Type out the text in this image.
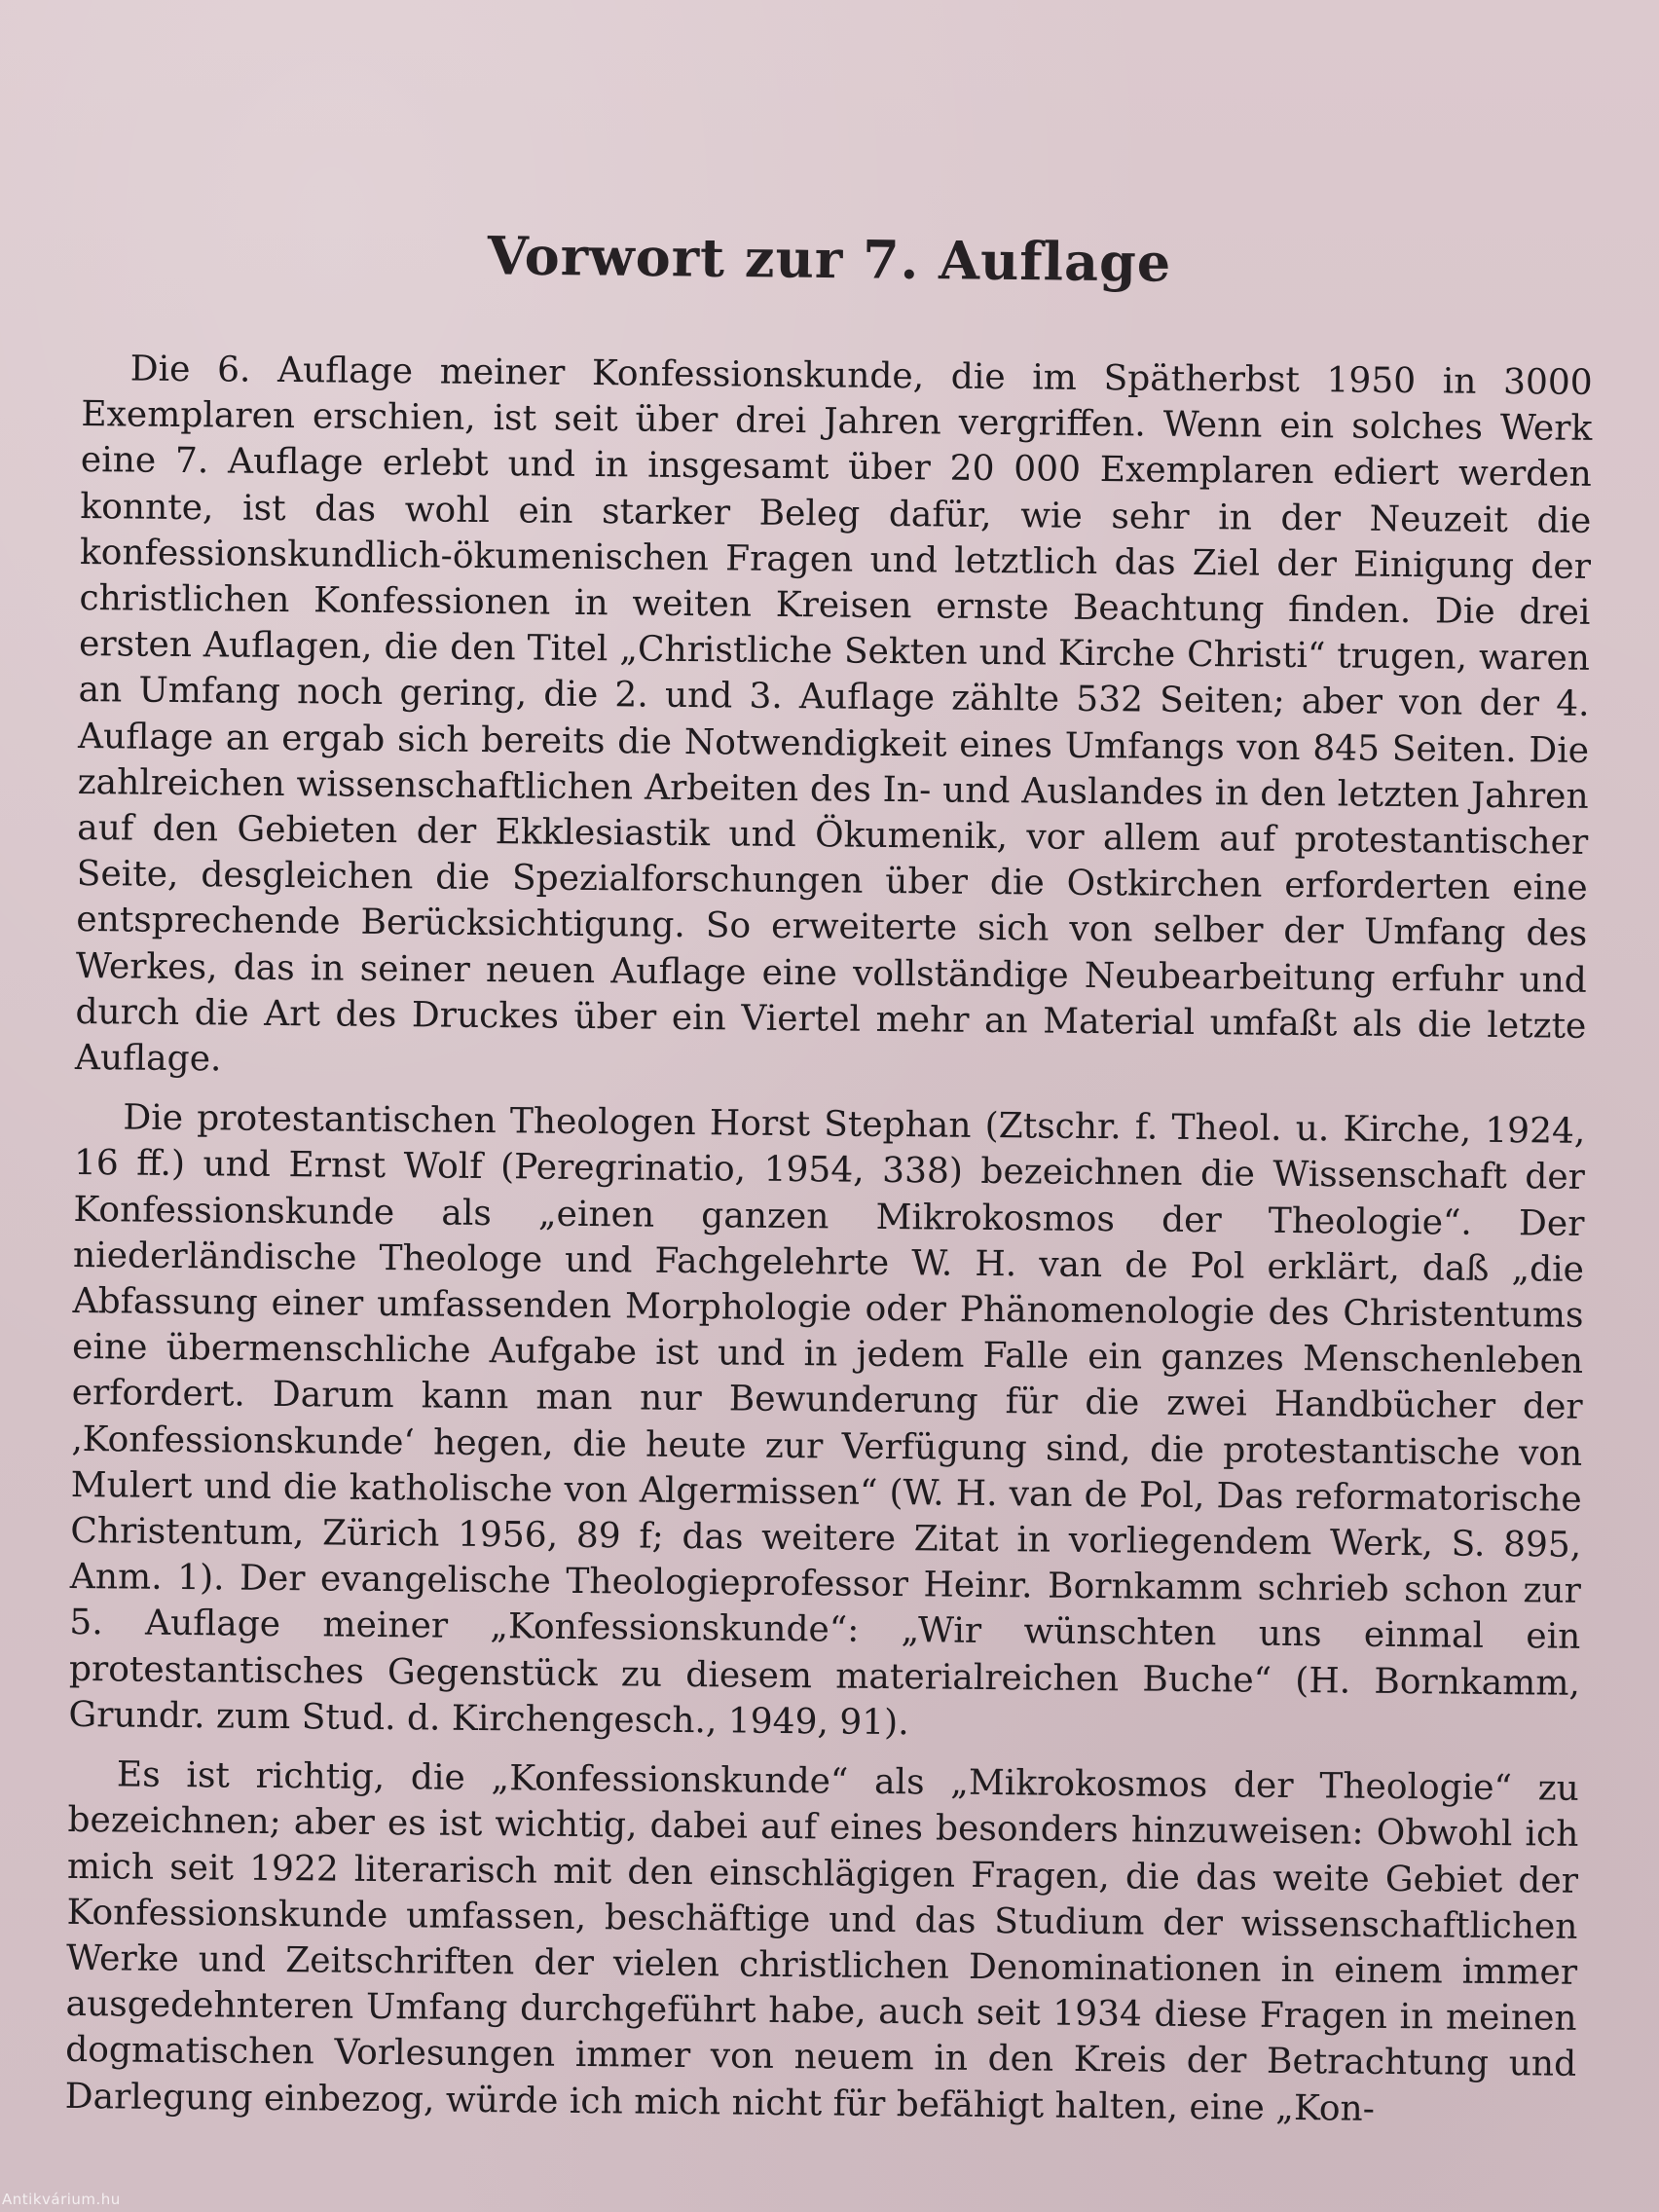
Vorwort zur 7. Auflage

Die 6. Auflage meiner Konfessionskunde, die im Spätherbst 1950 in 3000 Exemplaren erschien, ist seit über drei Jahren vergriffen. Wenn ein solches Werk eine 7. Auflage erlebt und in insgesamt über 20 000 Exemplaren ediert werden konnte, ist das wohl ein starker Beleg dafür, wie sehr in der Neuzeit die konfessionskundlich-ökumenischen Fragen und letztlich das Ziel der Einigung der christlichen Konfessionen in weiten Kreisen ernste Beachtung finden. Die drei ersten Auflagen, die den Titel „Christliche Sekten und Kirche Christi“ trugen, waren an Umfang noch gering, die 2. und 3. Auflage zählte 532 Seiten; aber von der 4. Auflage an ergab sich bereits die Notwendigkeit eines Umfangs von 845 Seiten. Die zahlreichen wissenschaftlichen Arbeiten des In- und Auslandes in den letzten Jahren auf den Gebieten der Ekklesiastik und Ökumenik, vor allem auf protestantischer Seite, desgleichen die Spezialforschungen über die Ostkirchen erforderten eine entsprechende Berücksichtigung. So erweiterte sich von selber der Umfang des Werkes, das in seiner neuen Auflage eine vollständige Neubearbeitung erfuhr und durch die Art des Druckes über ein Viertel mehr an Material umfaßt als die letzte Auflage.

Die protestantischen Theologen Horst Stephan (Ztschr. f. Theol. u. Kirche, 1924, 16 ff.) und Ernst Wolf (Peregrinatio, 1954, 338) bezeichnen die Wissenschaft der Konfessionskunde als „einen ganzen Mikrokosmos der Theologie“. Der niederländische Theologe und Fachgelehrte W. H. van de Pol erklärt, daß „die Abfassung einer umfassenden Morphologie oder Phänomenologie des Christentums eine übermenschliche Aufgabe ist und in jedem Falle ein ganzes Menschenleben erfordert. Darum kann man nur Bewunderung für die zwei Handbücher der ‚Konfessionskunde‘ hegen, die heute zur Verfügung sind, die protestantische von Mulert und die katholische von Algermissen“ (W. H. van de Pol, Das reformatorische Christentum, Zürich 1956, 89 f; das weitere Zitat in vorliegendem Werk, S. 895, Anm. 1). Der evangelische Theologieprofessor Heinr. Bornkamm schrieb schon zur 5. Auflage meiner „Konfessionskunde“: „Wir wünschten uns einmal ein protestantisches Gegenstück zu diesem materialreichen Buche“ (H. Bornkamm, Grundr. zum Stud. d. Kirchengesch., 1949, 91).

Es ist richtig, die „Konfessionskunde“ als „Mikrokosmos der Theologie“ zu bezeichnen; aber es ist wichtig, dabei auf eines besonders hinzuweisen: Obwohl ich mich seit 1922 literarisch mit den einschlägigen Fragen, die das weite Gebiet der Konfessionskunde umfassen, beschäftige und das Studium der wissenschaftlichen Werke und Zeitschriften der vielen christlichen Denominationen in einem immer ausgedehnteren Umfang durchgeführt habe, auch seit 1934 diese Fragen in meinen dogmatischen Vorlesungen immer von neuem in den Kreis der Betrachtung und Darlegung einbezog, würde ich mich nicht für befähigt halten, eine „Kon-

Antikvárium.hu
